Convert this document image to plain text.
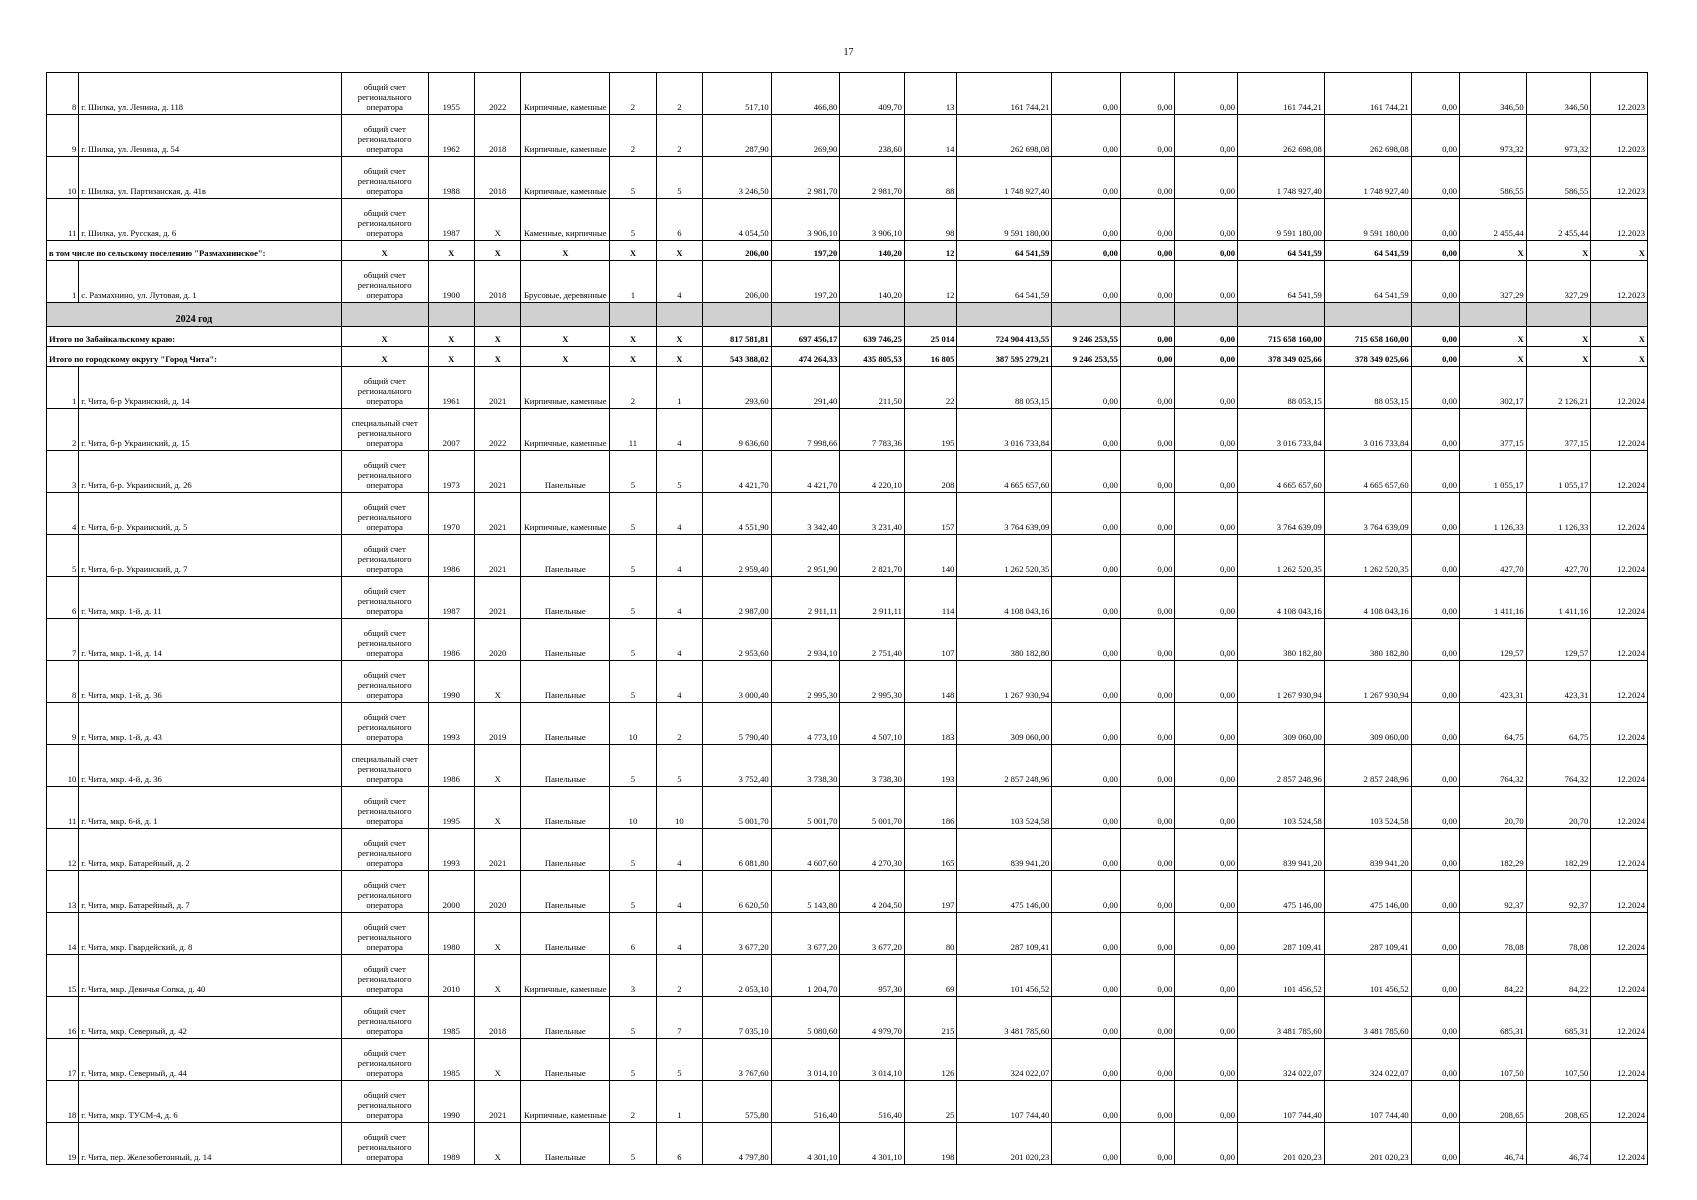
17
8	г. Шилка, ул. Ленина, д. 118	общий счет регионального оператора	1955	2022	Кирпичные, каменные	2	2	517,10	466,80	409,70	13	161 744,21	0,00	0,00	0,00	161 744,21	161 744,21	0,00	346,50	346,50	12.2023
9	г. Шилка, ул. Ленина, д. 54	общий счет регионального оператора	1962	2018	Кирпичные, каменные	2	2	287,90	269,90	238,60	14	262 698,08	0,00	0,00	0,00	262 698,08	262 698,08	0,00	973,32	973,32	12.2023
10	г. Шилка, ул. Партизанская, д. 41в	общий счет регионального оператора	1988	2018	Кирпичные, каменные	5	5	3 246,50	2 981,70	2 981,70	88	1 748 927,40	0,00	0,00	0,00	1 748 927,40	1 748 927,40	0,00	586,55	586,55	12.2023
11	г. Шилка, ул. Русская, д. 6	общий счет регионального оператора	1987	Х	Каменные, кирпичные	5	6	4 054,50	3 906,10	3 906,10	98	9 591 180,00	0,00	0,00	0,00	9 591 180,00	9 591 180,00	0,00	2 455,44	2 455,44	12.2023
в том числе по сельскому поселению "Размахнинское":		Х	Х	Х	Х	Х	Х	206,00	197,20	140,20	12	64 541,59	0,00	0,00	0,00	64 541,59	64 541,59	0,00	Х	Х	Х
1	с. Размахнино, ул. Лутовая, д. 1	общий счет регионального оператора	1900	2018	Брусовые, деревянные	1	4	206,00	197,20	140,20	12	64 541,59	0,00	0,00	0,00	64 541,59	64 541,59	0,00	327,29	327,29	12.2023
2024 год																					
Итого по Забайкальскому краю:		Х	Х	Х	Х	Х	Х	817 581,81	697 456,17	639 746,25	25 014	724 904 413,55	9 246 253,55	0,00	0,00	715 658 160,00	715 658 160,00	0,00	Х	Х	Х
Итого по городскому округу "Город Чита":		Х	Х	Х	Х	Х	Х	543 388,02	474 264,33	435 805,53	16 805	387 595 279,21	9 246 253,55	0,00	0,00	378 349 025,66	378 349 025,66	0,00	Х	Х	Х
1	г. Чита, б-р Украинский, д. 14	общий счет регионального оператора	1961	2021	Кирпичные, каменные	2	1	293,60	291,40	211,50	22	88 053,15	0,00	0,00	0,00	88 053,15	88 053,15	0,00	302,17	2 126,21	12.2024
2	г. Чита, б-р Украинский, д. 15	специальный счет регионального оператора	2007	2022	Кирпичные, каменные	11	4	9 636,60	7 998,66	7 783,36	195	3 016 733,84	0,00	0,00	0,00	3 016 733,84	3 016 733,84	0,00	377,15	377,15	12.2024
3	г. Чита, б-р. Украинский, д. 26	общий счет регионального оператора	1973	2021	Панельные	5	5	4 421,70	4 421,70	4 220,10	208	4 665 657,60	0,00	0,00	0,00	4 665 657,60	4 665 657,60	0,00	1 055,17	1 055,17	12.2024
4	г. Чита, б-р. Украинский, д. 5	общий счет регионального оператора	1970	2021	Кирпичные, каменные	5	4	4 551,90	3 342,40	3 231,40	157	3 764 639,09	0,00	0,00	0,00	3 764 639,09	3 764 639,09	0,00	1 126,33	1 126,33	12.2024
5	г. Чита, б-р. Украинский, д. 7	общий счет регионального оператора	1986	2021	Панельные	5	4	2 959,40	2 951,90	2 821,70	140	1 262 520,35	0,00	0,00	0,00	1 262 520,35	1 262 520,35	0,00	427,70	427,70	12.2024
6	г. Чита, мкр. 1-й, д. 11	общий счет регионального оператора	1987	2021	Панельные	5	4	2 987,00	2 911,11	2 911,11	114	4 108 043,16	0,00	0,00	0,00	4 108 043,16	4 108 043,16	0,00	1 411,16	1 411,16	12.2024
7	г. Чита, мкр. 1-й, д. 14	общий счет регионального оператора	1986	2020	Панельные	5	4	2 953,60	2 934,10	2 751,40	107	380 182,80	0,00	0,00	0,00	380 182,80	380 182,80	0,00	129,57	129,57	12.2024
8	г. Чита, мкр. 1-й, д. 36	общий счет регионального оператора	1990	Х	Панельные	5	4	3 000,40	2 995,30	2 995,30	148	1 267 930,94	0,00	0,00	0,00	1 267 930,94	1 267 930,94	0,00	423,31	423,31	12.2024
9	г. Чита, мкр. 1-й, д. 43	общий счет регионального оператора	1993	2019	Панельные	10	2	5 790,40	4 773,10	4 507,10	183	309 060,00	0,00	0,00	0,00	309 060,00	309 060,00	0,00	64,75	64,75	12.2024
10	г. Чита, мкр. 4-й, д. 36	специальный счет регионального оператора	1986	Х	Панельные	5	5	3 752,40	3 738,30	3 738,30	193	2 857 248,96	0,00	0,00	0,00	2 857 248,96	2 857 248,96	0,00	764,32	764,32	12.2024
11	г. Чита, мкр. 6-й, д. 1	общий счет регионального оператора	1995	Х	Панельные	10	10	5 001,70	5 001,70	5 001,70	186	103 524,58	0,00	0,00	0,00	103 524,58	103 524,58	0,00	20,70	20,70	12.2024
12	г. Чита, мкр. Батарейный, д. 2	общий счет регионального оператора	1993	2021	Панельные	5	4	6 081,80	4 607,60	4 270,30	165	839 941,20	0,00	0,00	0,00	839 941,20	839 941,20	0,00	182,29	182,29	12.2024
13	г. Чита, мкр. Батарейный, д. 7	общий счет регионального оператора	2000	2020	Панельные	5	4	6 620,50	5 143,80	4 204,50	197	475 146,00	0,00	0,00	0,00	475 146,00	475 146,00	0,00	92,37	92,37	12.2024
14	г. Чита, мкр. Гвардейский, д. 8	общий счет регионального оператора	1980	Х	Панельные	6	4	3 677,20	3 677,20	3 677,20	80	287 109,41	0,00	0,00	0,00	287 109,41	287 109,41	0,00	78,08	78,08	12.2024
15	г. Чита, мкр. Девичья Сопка, д. 40	общий счет регионального оператора	2010	Х	Кирпичные, каменные	3	2	2 053,10	1 204,70	957,30	69	101 456,52	0,00	0,00	0,00	101 456,52	101 456,52	0,00	84,22	84,22	12.2024
16	г. Чита, мкр. Северный, д. 42	общий счет регионального оператора	1985	2018	Панельные	5	7	7 035,10	5 080,60	4 979,70	215	3 481 785,60	0,00	0,00	0,00	3 481 785,60	3 481 785,60	0,00	685,31	685,31	12.2024
17	г. Чита, мкр. Северный, д. 44	общий счет регионального оператора	1985	Х	Панельные	5	5	3 767,60	3 014,10	3 014,10	126	324 022,07	0,00	0,00	0,00	324 022,07	324 022,07	0,00	107,50	107,50	12.2024
18	г. Чита, мкр. ТУСМ-4, д. 6	общий счет регионального оператора	1990	2021	Кирпичные, каменные	2	1	575,80	516,40	516,40	25	107 744,40	0,00	0,00	0,00	107 744,40	107 744,40	0,00	208,65	208,65	12.2024
19	г. Чита, пер. Железобетонный, д. 14	общий счет регионального оператора	1989	Х	Панельные	5	6	4 797,80	4 301,10	4 301,10	198	201 020,23	0,00	0,00	0,00	201 020,23	201 020,23	0,00	46,74	46,74	12.2024
